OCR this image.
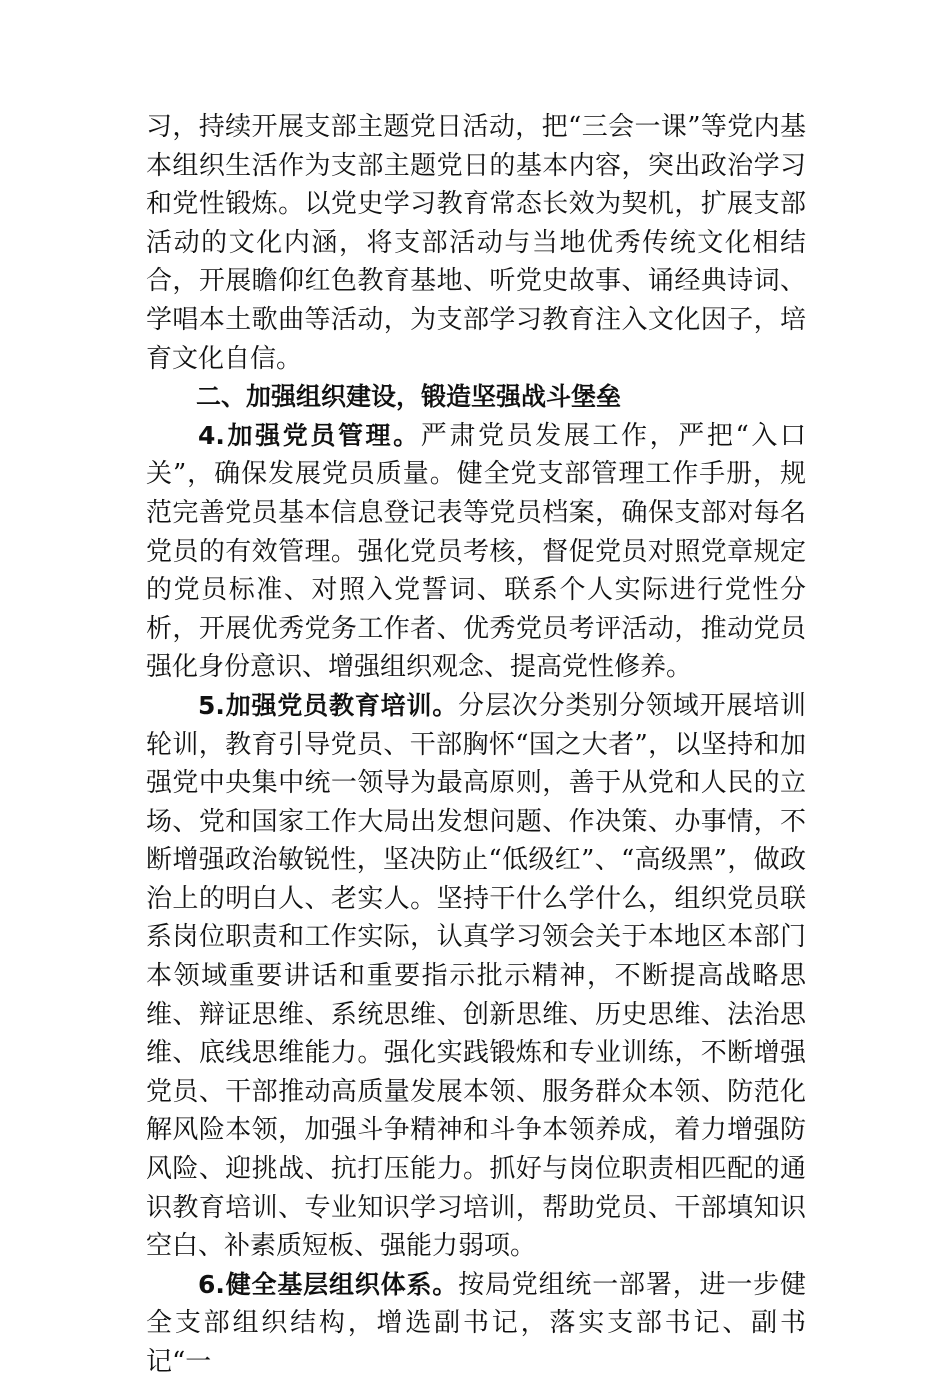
习，持续开展支部主题党日活动，把“三会一课”等党内基本组织生活作为支部主题党日的基本内容，突出政治学习和党性锻炼。以党史学习教育常态长效为契机，扩展支部活动的文化内涵，将支部活动与当地优秀传统文化相结合，开展瞻仰红色教育基地、听党史故事、诵经典诗词、学唱本土歌曲等活动，为支部学习教育注入文化因子，培育文化自信。

二、加强组织建设，锻造坚强战斗堡垒

4.加强党员管理。严肃党员发展工作，严把“入口关”，确保发展党员质量。健全党支部管理工作手册，规范完善党员基本信息登记表等党员档案，确保支部对每名党员的有效管理。强化党员考核，督促党员对照党章规定的党员标准、对照入党誓词、联系个人实际进行党性分析，开展优秀党务工作者、优秀党员考评活动，推动党员强化身份意识、增强组织观念、提高党性修养。

5.加强党员教育培训。分层次分类别分领域开展培训轮训，教育引导党员、干部胸怀“国之大者”，以坚持和加强党中央集中统一领导为最高原则，善于从党和人民的立场、党和国家工作大局出发想问题、作决策、办事情，不断增强政治敏锐性，坚决防止“低级红”、“高级黑”，做政治上的明白人、老实人。坚持干什么学什么，组织党员联系岗位职责和工作实际，认真学习领会关于本地区本部门本领域重要讲话和重要指示批示精神，不断提高战略思维、辩证思维、系统思维、创新思维、历史思维、法治思维、底线思维能力。强化实践锻炼和专业训练，不断增强党员、干部推动高质量发展本领、服务群众本领、防范化解风险本领，加强斗争精神和斗争本领养成，着力增强防风险、迎挑战、抗打压能力。抓好与岗位职责相匹配的通识教育培训、专业知识学习培训，帮助党员、干部填知识空白、补素质短板、强能力弱项。

6.健全基层组织体系。按局党组统一部署，进一步健全支部组织结构，增选副书记，落实支部书记、副书记“一
